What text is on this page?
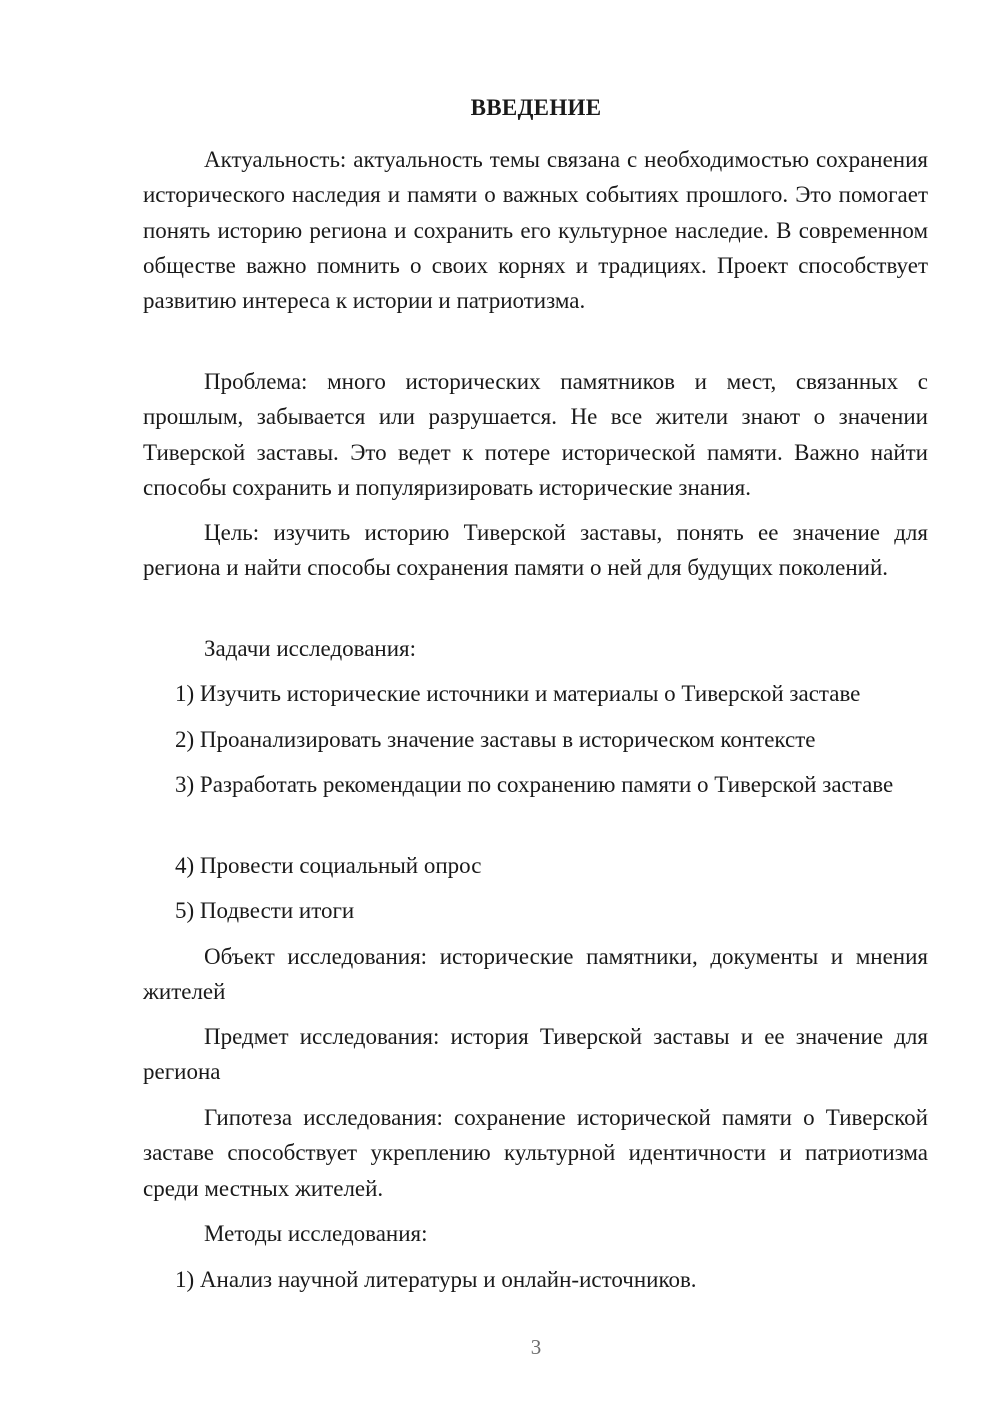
ВВЕДЕНИЕ

Актуальность: актуальность темы связана с необходимостью сохранения исторического наследия и памяти о важных событиях прошлого. Это помогает понять историю региона и сохранить его культурное наследие. В современном обществе важно помнить о своих корнях и традициях. Проект способствует развитию интереса к истории и патриотизма.

Проблема: много исторических памятников и мест, связанных с прошлым, забывается или разрушается. Не все жители знают о значении Тиверской заставы. Это ведет к потере исторической памяти. Важно найти способы сохранить и популяризировать исторические знания.

Цель: изучить историю Тиверской заставы, понять ее значение для региона и найти способы сохранения памяти о ней для будущих поколений.

Задачи исследования:

1) Изучить исторические источники и материалы о Тиверской заставе

2) Проанализировать значение заставы в историческом контексте

3) Разработать рекомендации по сохранению памяти о Тиверской заставе

4) Провести социальный опрос

5) Подвести итоги

Объект исследования: исторические памятники, документы и мнения жителей

Предмет исследования: история Тиверской заставы и ее значение для региона

Гипотеза исследования: сохранение исторической памяти о Тиверской заставе способствует укреплению культурной идентичности и патриотизма среди местных жителей.

Методы исследования:

1) Анализ научной литературы и онлайн-источников.

3
